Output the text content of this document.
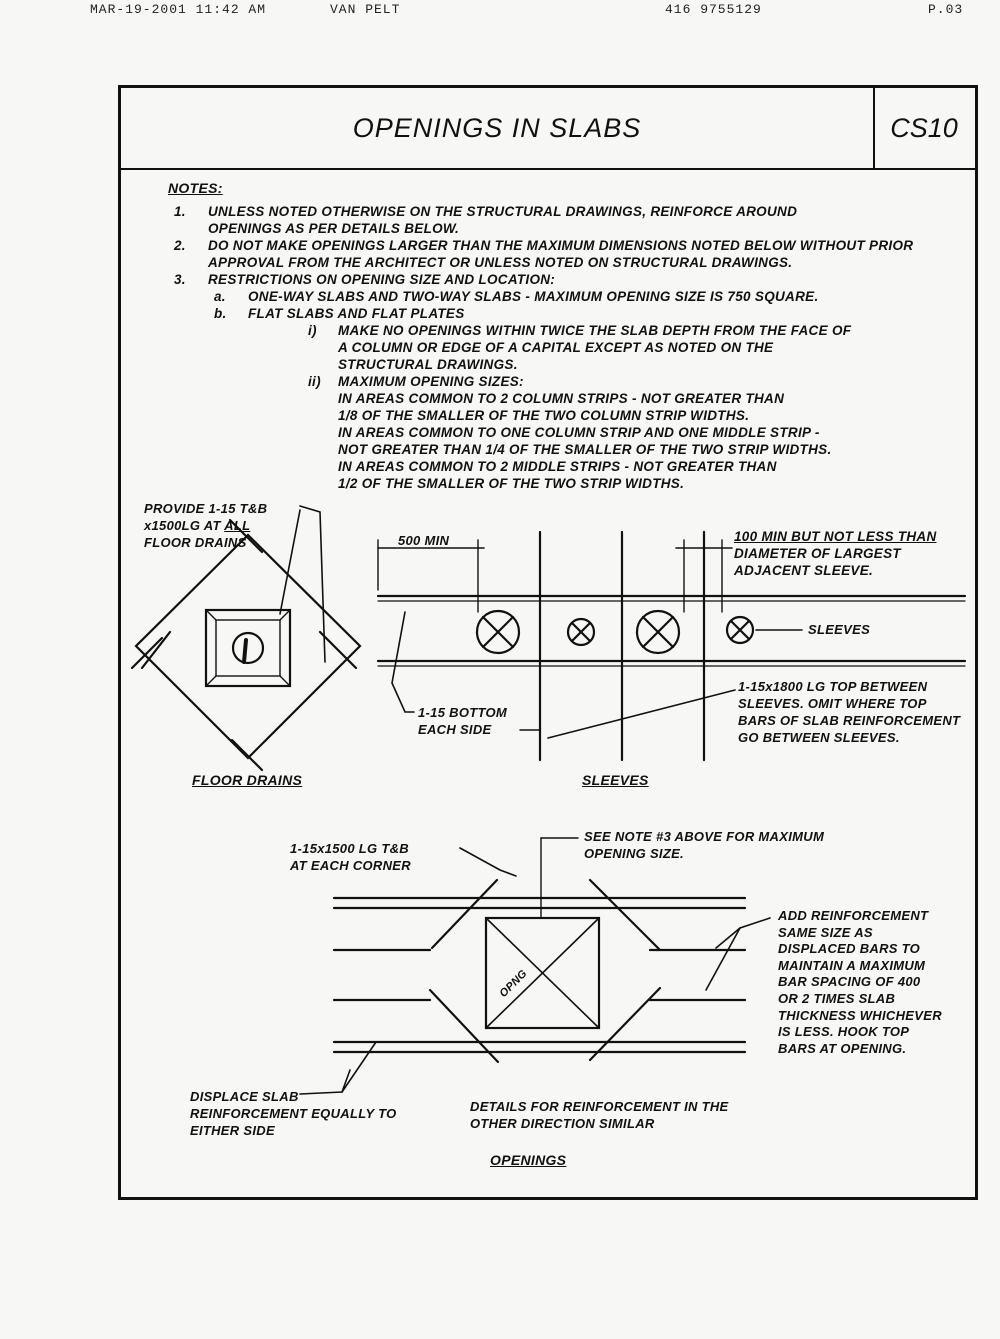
MAR-19-2001 11:42 AM	VAN PELT	416 9755129	P.03
OPENINGS IN SLABS	CS10
NOTES:
1. UNLESS NOTED OTHERWISE ON THE STRUCTURAL DRAWINGS, REINFORCE AROUND OPENINGS AS PER DETAILS BELOW.
2. DO NOT MAKE OPENINGS LARGER THAN THE MAXIMUM DIMENSIONS NOTED BELOW WITHOUT PRIOR APPROVAL FROM THE ARCHITECT OR UNLESS NOTED ON STRUCTURAL DRAWINGS.
3. RESTRICTIONS ON OPENING SIZE AND LOCATION:
a. ONE-WAY SLABS AND TWO-WAY SLABS - MAXIMUM OPENING SIZE IS 750 SQUARE.
b. FLAT SLABS AND FLAT PLATES
i) MAKE NO OPENINGS WITHIN TWICE THE SLAB DEPTH FROM THE FACE OF A COLUMN OR EDGE OF A CAPITAL EXCEPT AS NOTED ON THE STRUCTURAL DRAWINGS.
ii) MAXIMUM OPENING SIZES:
IN AREAS COMMON TO 2 COLUMN STRIPS - NOT GREATER THAN
1/8 OF THE SMALLER OF THE TWO COLUMN STRIP WIDTHS.
IN AREAS COMMON TO ONE COLUMN STRIP AND ONE MIDDLE STRIP -
NOT GREATER THAN 1/4 OF THE SMALLER OF THE TWO STRIP WIDTHS.
IN AREAS COMMON TO 2 MIDDLE STRIPS - NOT GREATER THAN
1/2 OF THE SMALLER OF THE TWO STRIP WIDTHS.
PROVIDE 1-15 T&B
x1500LG AT ALL
FLOOR DRAINS
FLOOR DRAINS
500 MIN	100 MIN BUT NOT LESS THAN
DIAMETER OF LARGEST
ADJACENT SLEEVE.
SLEEVES
1-15 BOTTOM
EACH SIDE
1-15x1800 LG TOP BETWEEN
SLEEVES. OMIT WHERE TOP
BARS OF SLAB REINFORCEMENT
GO BETWEEN SLEEVES.
SLEEVES
1-15x1500 LG T&B
AT EACH CORNER
SEE NOTE #3 ABOVE FOR MAXIMUM
OPENING SIZE.
OPNG
ADD REINFORCEMENT
SAME SIZE AS
DISPLACED BARS TO
MAINTAIN A MAXIMUM
BAR SPACING OF 400
OR 2 TIMES SLAB
THICKNESS WHICHEVER
IS LESS. HOOK TOP
BARS AT OPENING.
DISPLACE SLAB
REINFORCEMENT EQUALLY TO
EITHER SIDE
DETAILS FOR REINFORCEMENT IN THE
OTHER DIRECTION SIMILAR
OPENINGS
